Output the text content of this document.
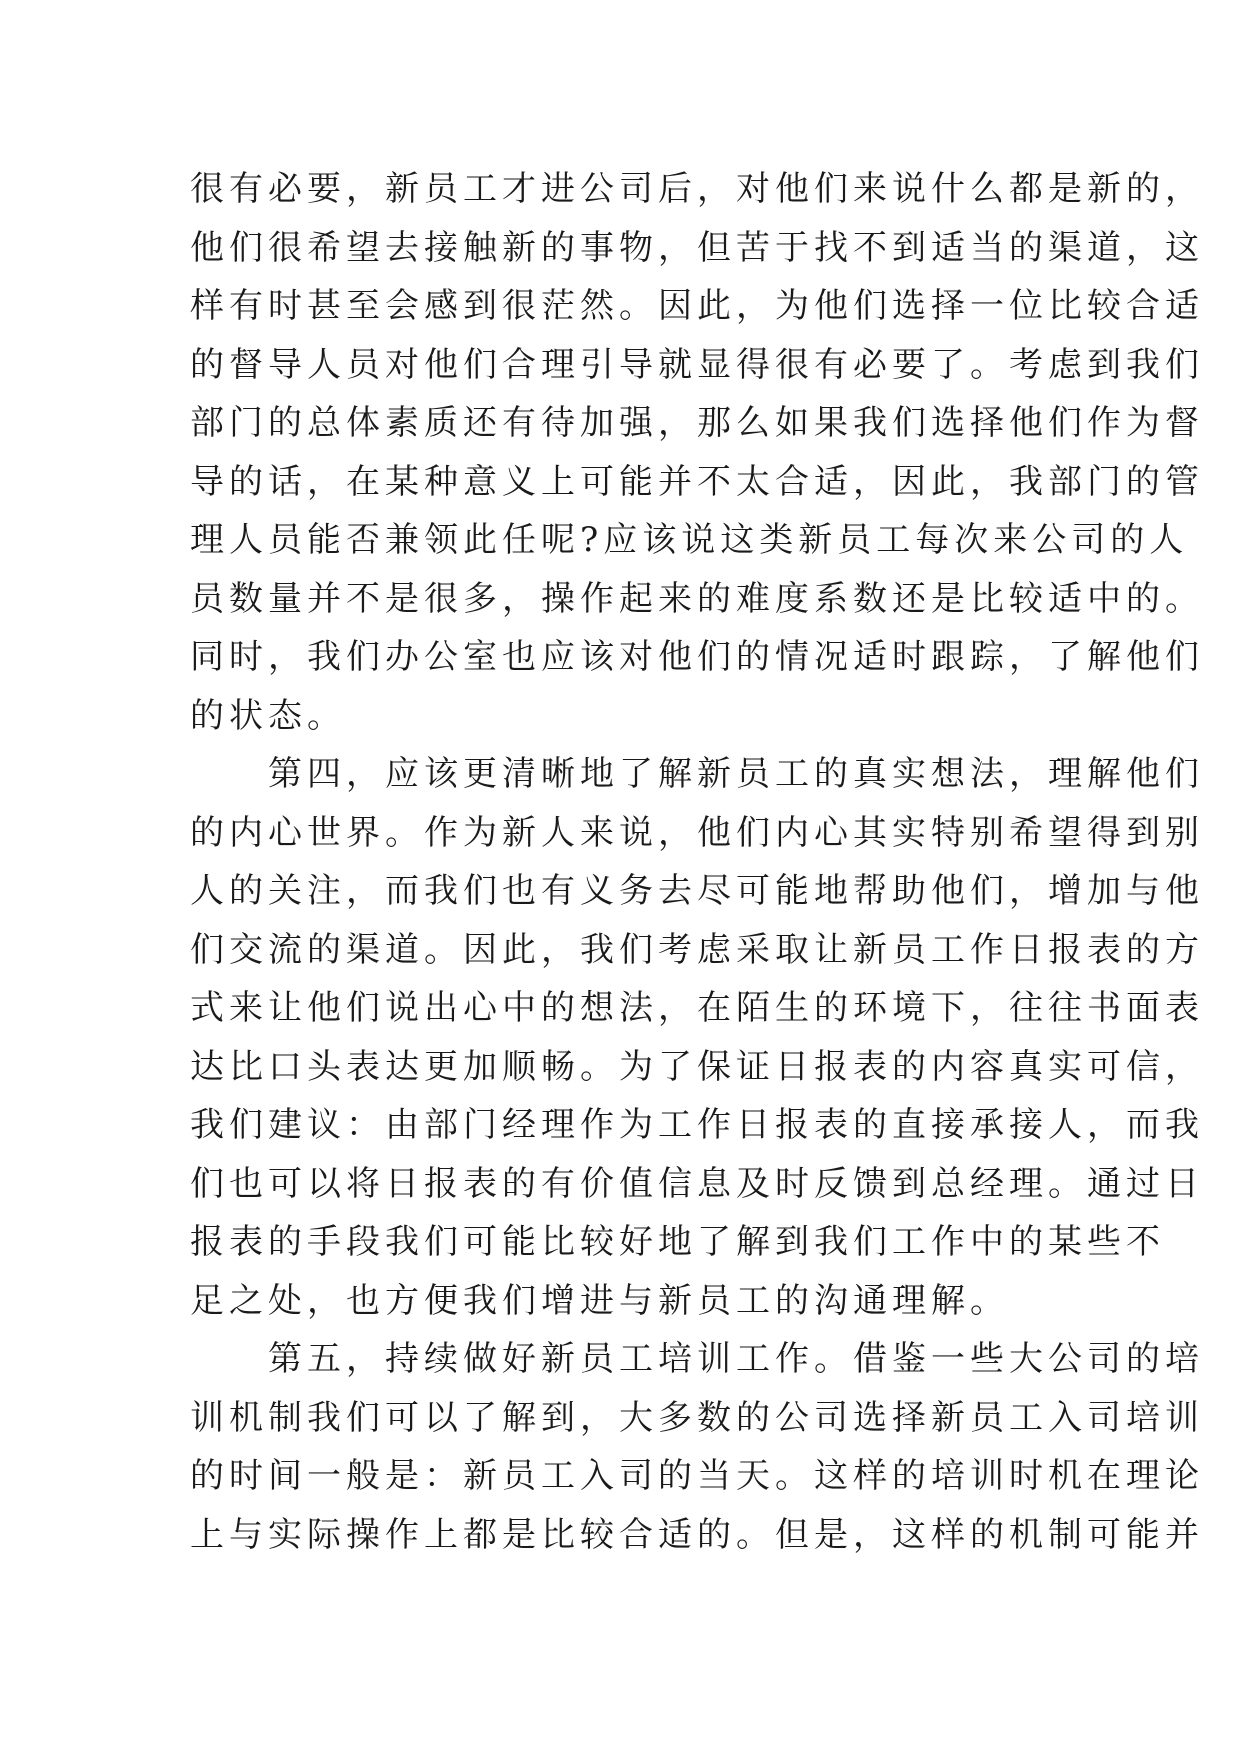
很有必要，新员工才进公司后，对他们来说什么都是新的，
他们很希望去接触新的事物，但苦于找不到适当的渠道，这
样有时甚至会感到很茫然。因此，为他们选择一位比较合适
的督导人员对他们合理引导就显得很有必要了。考虑到我们
部门的总体素质还有待加强，那么如果我们选择他们作为督
导的话，在某种意义上可能并不太合适，因此，我部门的管
理人员能否兼领此任呢?应该说这类新员工每次来公司的人
员数量并不是很多，操作起来的难度系数还是比较适中的。
同时，我们办公室也应该对他们的情况适时跟踪，了解他们
的状态。
　　第四，应该更清晰地了解新员工的真实想法，理解他们
的内心世界。作为新人来说，他们内心其实特别希望得到别
人的关注，而我们也有义务去尽可能地帮助他们，增加与他
们交流的渠道。因此，我们考虑采取让新员工作日报表的方
式来让他们说出心中的想法，在陌生的环境下，往往书面表
达比口头表达更加顺畅。为了保证日报表的内容真实可信，
我们建议：由部门经理作为工作日报表的直接承接人，而我
们也可以将日报表的有价值信息及时反馈到总经理。通过日
报表的手段我们可能比较好地了解到我们工作中的某些不
足之处，也方便我们增进与新员工的沟通理解。
　　第五，持续做好新员工培训工作。借鉴一些大公司的培
训机制我们可以了解到，大多数的公司选择新员工入司培训
的时间一般是：新员工入司的当天。这样的培训时机在理论
上与实际操作上都是比较合适的。但是，这样的机制可能并
